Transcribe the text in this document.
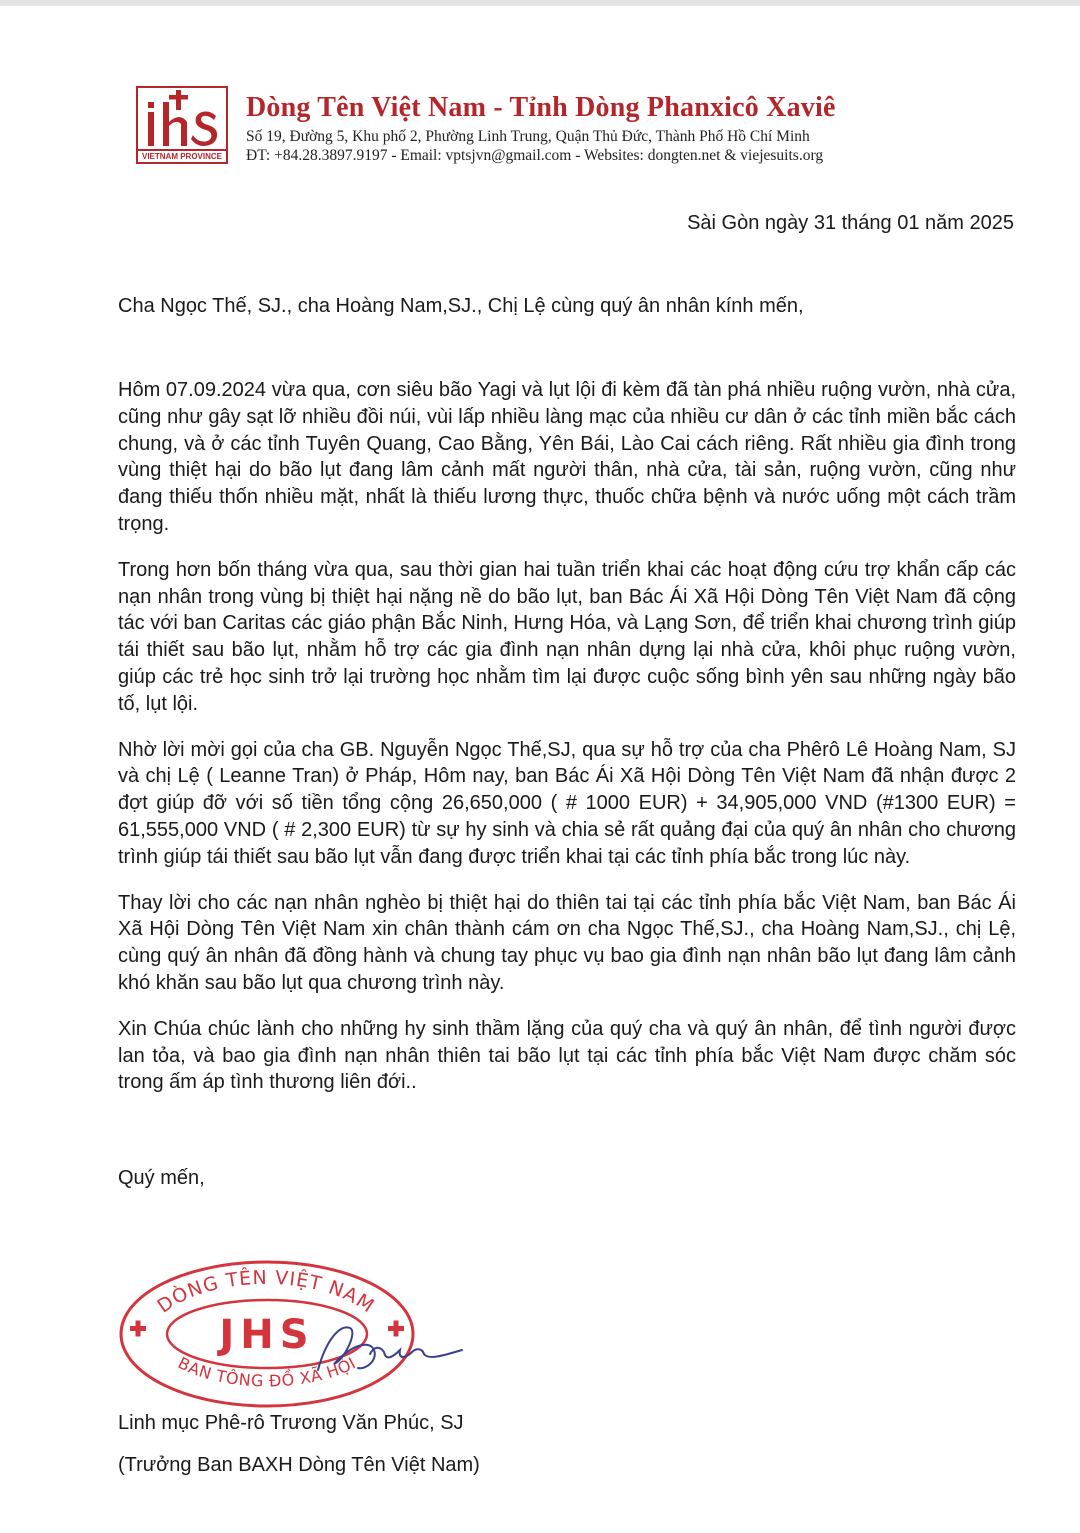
VIETNAM PROVINCE
Dòng Tên Việt Nam - Tỉnh Dòng Phanxicô Xaviê
Số 19, Đường 5, Khu phố 2, Phường Linh Trung, Quận Thủ Đức, Thành Phố Hồ Chí Minh
ĐT: +84.28.3897.9197 - Email: vptsjvn@gmail.com - Websites: dongten.net & viejesuits.org
Sài Gòn ngày 31 tháng 01 năm 2025
Cha Ngọc Thế, SJ., cha Hoàng Nam,SJ., Chị Lệ cùng quý ân nhân kính mến,

Hôm 07.09.2024 vừa qua, cơn siêu bão Yagi và lụt lội đi kèm đã tàn phá nhiều ruộng vườn, nhà cửa, cũng như gây sạt lỡ nhiều đồi núi, vùi lấp nhiều làng mạc của nhiều cư dân ở các tỉnh miền bắc cách chung, và ở các tỉnh Tuyên Quang, Cao Bằng, Yên Bái, Lào Cai cách riêng. Rất nhiều gia đình trong vùng thiệt hại do bão lụt đang lâm cảnh mất người thân, nhà cửa, tài sản, ruộng vườn, cũng như đang thiếu thốn nhiều mặt, nhất là thiếu lương thực, thuốc chữa bệnh và nước uống một cách trầm trọng.

Trong hơn bốn tháng vừa qua, sau thời gian hai tuần triển khai các hoạt động cứu trợ khẩn cấp các nạn nhân trong vùng bị thiệt hại nặng nề do bão lụt, ban Bác Ái Xã Hội Dòng Tên Việt Nam đã cộng tác với ban Caritas các giáo phận Bắc Ninh, Hưng Hóa, và Lạng Sơn, để triển khai chương trình giúp tái thiết sau bão lụt, nhằm hỗ trợ các gia đình nạn nhân dựng lại nhà cửa, khôi phục ruộng vườn, giúp các trẻ học sinh trở lại trường học nhằm tìm lại được cuộc sống bình yên sau những ngày bão tố, lụt lội.

Nhờ lời mời gọi của cha GB. Nguyễn Ngọc Thế,SJ, qua sự hỗ trợ của cha Phêrô Lê Hoàng Nam, SJ và chị Lệ ( Leanne Tran) ở Pháp, Hôm nay, ban Bác Ái Xã Hội Dòng Tên Việt Nam đã nhận được 2 đợt giúp đỡ với số tiền tổng cộng 26,650,000 ( # 1000 EUR) + 34,905,000 VND (#1300 EUR) = 61,555,000 VND ( # 2,300 EUR) từ sự hy sinh và chia sẻ rất quảng đại của quý ân nhân cho chương trình giúp tái thiết sau bão lụt vẫn đang được triển khai tại các tỉnh phía bắc trong lúc này.

Thay lời cho các nạn nhân nghèo bị thiệt hại do thiên tai tại các tỉnh phía bắc Việt Nam, ban Bác Ái Xã Hội Dòng Tên Việt Nam xin chân thành cám ơn cha Ngọc Thế,SJ., cha Hoàng Nam,SJ., chị Lệ, cùng quý ân nhân đã đồng hành và chung tay phục vụ bao gia đình nạn nhân bão lụt đang lâm cảnh khó khăn sau bão lụt qua chương trình này.

Xin Chúa chúc lành cho những hy sinh thầm lặng của quý cha và quý ân nhân, để tình người được lan tỏa, và bao gia đình nạn nhân thiên tai bão lụt tại các tỉnh phía bắc Việt Nam được chăm sóc trong ấm áp tình thương liên đới..

Quý mến,
DÒNG TÊN VIỆT NAM
BAN TÔNG ĐỒ XÃ HỘI
JHS
Linh mục Phê-rô Trương Văn Phúc, SJ
(Trưởng Ban BAXH Dòng Tên Việt Nam)
